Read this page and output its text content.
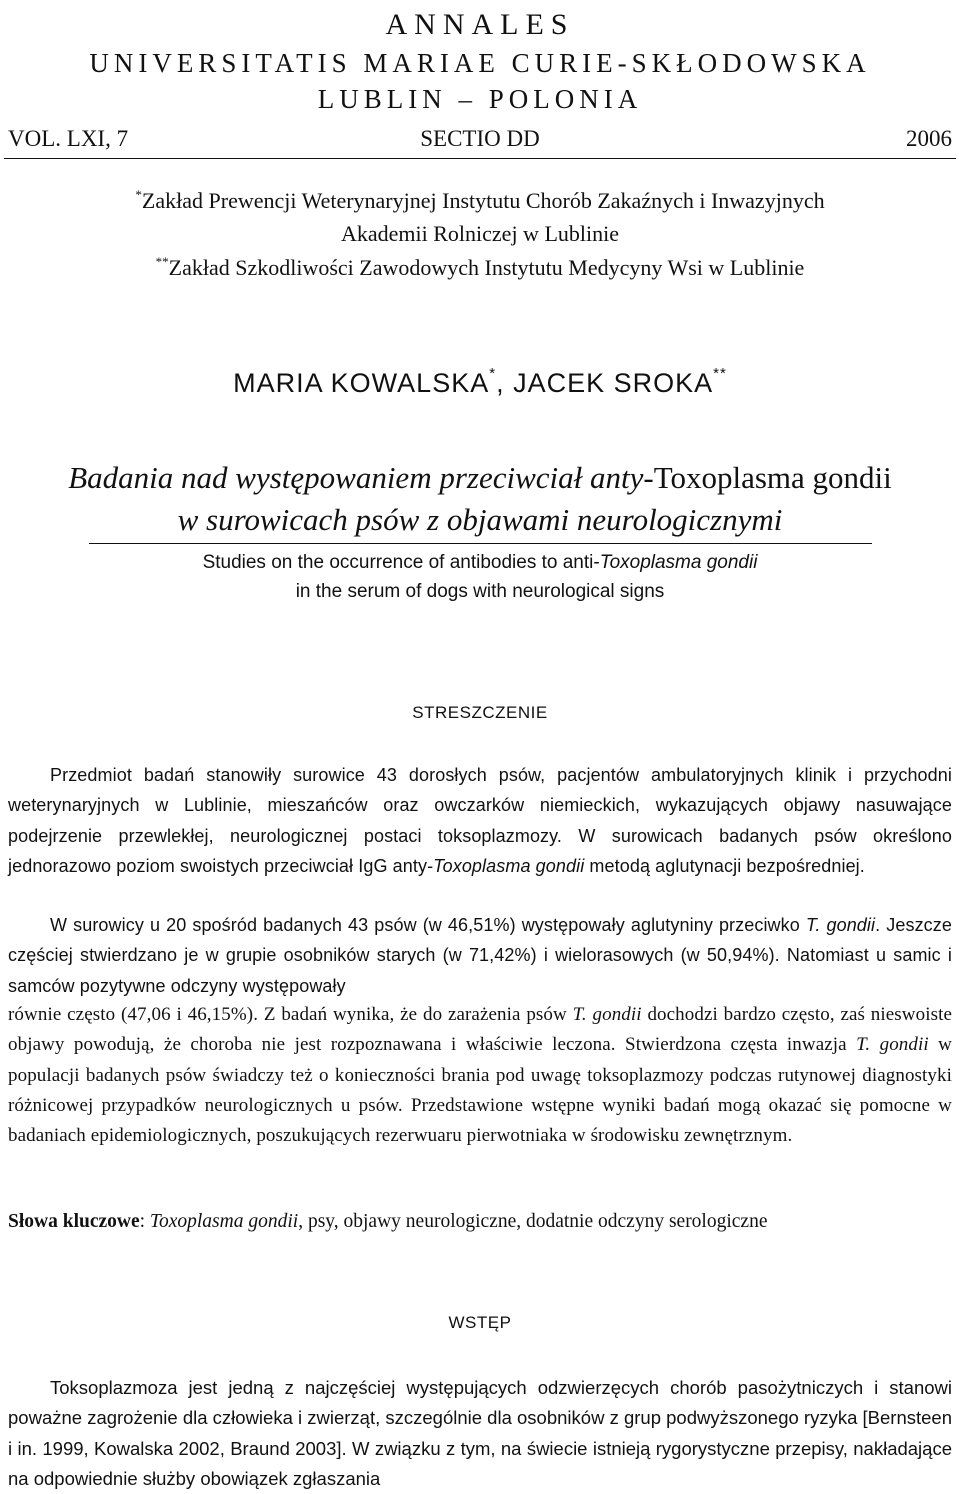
ANNALES
UNIVERSITATIS MARIAE CURIE-SKŁODOWSKA
LUBLIN – POLONIA
VOL. LXI, 7	SECTIO DD	2006
*Zakład Prewencji Weterynaryjnej Instytutu Chorób Zakaźnych i Inwazyjnych
Akademii Rolniczej w Lublinie
**Zakład Szkodliwości Zawodowych Instytutu Medycyny Wsi w Lublinie
MARIA KOWALSKA*, JACEK SROKA**
Badania nad występowaniem przeciwciał anty-Toxoplasma gondii
w surowicach psów z objawami neurologicznymi
Studies on the occurrence of antibodies to anti-Toxoplasma gondii
in the serum of dogs with neurological signs
STRESZCZENIE
Przedmiot badań stanowiły surowice 43 dorosłych psów, pacjentów ambulatoryjnych klinik i przychodni weterynaryjnych w Lublinie, mieszańców oraz owczarków niemieckich, wykazujących objawy nasuwające podejrzenie przewlekłej, neurologicznej postaci toksoplazmozy. W surowicach badanych psów określono jednorazowo poziom swoistych przeciwciał IgG anty-Toxoplasma gondii metodą aglutynacji bezpośredniej.
W surowicy u 20 spośród badanych 43 psów (w 46,51%) występowały aglutyniny przeciwko T. gondii. Jeszcze częściej stwierdzano je w grupie osobników starych (w 71,42%) i wielorasowych (w 50,94%). Natomiast u samic i samców pozytywne odczyny występowały
równie często (47,06 i 46,15%). Z badań wynika, że do zarażenia psów T. gondii dochodzi bardzo często, zaś nieswoiste objawy powodują, że choroba nie jest rozpoznawana i właściwie leczona. Stwierdzona częsta inwazja T. gondii w populacji badanych psów świadczy też o konieczności brania pod uwagę toksoplazmozy podczas rutynowej diagnostyki różnicowej przypadków neurologicznych u psów. Przedstawione wstępne wyniki badań mogą okazać się pomocne w badaniach epidemiologicznych, poszukujących rezerwuaru pierwotniaka w środowisku zewnętrznym.
Słowa kluczowe: Toxoplasma gondii, psy, objawy neurologiczne, dodatnie odczyny serologiczne
WSTĘP
Toksoplazmoza jest jedną z najczęściej występujących odzwierzęcych chorób pasożytniczych i stanowi poważne zagrożenie dla człowieka i zwierząt, szczególnie dla osobników z grup podwyższonego ryzyka [Bernsteen i in. 1999, Kowalska 2002, Braund 2003]. W związku z tym, na świecie istnieją rygorystyczne przepisy, nakładające na odpowiednie służby obowiązek zgłaszania
